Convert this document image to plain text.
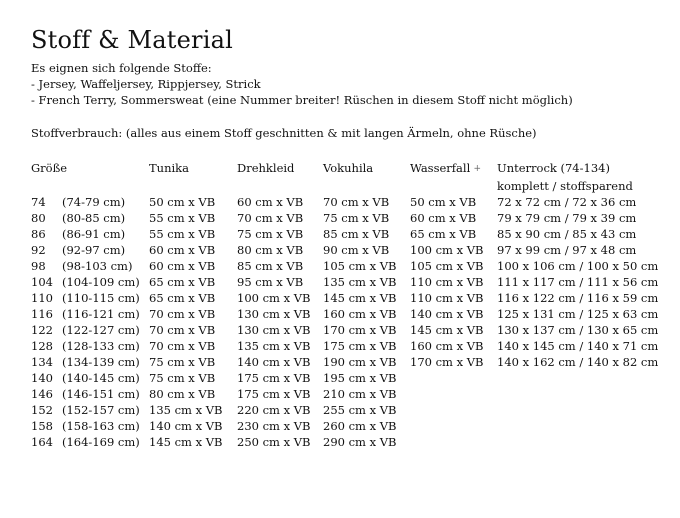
Stoff & Material
Es eignen sich folgende Stoffe:
- Jersey, Waffeljersey, Rippjersey, Strick
- French Terry, Sommersweat (eine Nummer breiter! Rüschen in diesem Stoff nicht möglich)
Stoffverbrauch: (alles aus einem Stoff geschnitten & mit langen Ärmeln, ohne Rüsche)
Größe		Tunika	Drehkleid	Vokuhila	Wasserfall +	Unterrock (74-134)
						komplett / stoffsparend
74	(74-79 cm)	50 cm x VB	60 cm x VB	70 cm x VB	50 cm x VB	72 x 72 cm / 72 x 36 cm
80	(80-85 cm)	55 cm x VB	70 cm x VB	75 cm x VB	60 cm x VB	79 x 79 cm / 79 x 39 cm
86	(86-91 cm)	55 cm x VB	75 cm x VB	85 cm x VB	65 cm x VB	85 x 90 cm / 85 x 43 cm
92	(92-97 cm)	60 cm x VB	80 cm x VB	90 cm x VB	100 cm x VB	97 x 99 cm / 97 x 48 cm
98	(98-103 cm)	60 cm x VB	85 cm x VB	105 cm x VB	105 cm x VB	100 x 106 cm / 100 x 50 cm
104	(104-109 cm)	65 cm x VB	95 cm x VB	135 cm x VB	110 cm x VB	111 x 117 cm / 111 x 56 cm
110	(110-115 cm)	65 cm x VB	100 cm x VB	145 cm x VB	110 cm x VB	116 x 122 cm / 116 x 59 cm
116	(116-121 cm)	70 cm x VB	130 cm x VB	160 cm x VB	140 cm x VB	125 x 131 cm / 125 x 63 cm
122	(122-127 cm)	70 cm x VB	130 cm x VB	170 cm x VB	145 cm x VB	130 x 137 cm / 130 x 65 cm
128	(128-133 cm)	70 cm x VB	135 cm x VB	175 cm x VB	160 cm x VB	140 x 145 cm / 140 x 71 cm
134	(134-139 cm)	75 cm x VB	140 cm x VB	190 cm x VB	170 cm x VB	140 x 162 cm / 140 x 82 cm
140	(140-145 cm)	75 cm x VB	175 cm x VB	195 cm x VB		
146	(146-151 cm)	80 cm x VB	175 cm x VB	210 cm x VB		
152	(152-157 cm)	135 cm x VB	220 cm x VB	255 cm x VB		
158	(158-163 cm)	140 cm x VB	230 cm x VB	260 cm x VB		
164	(164-169 cm)	145 cm x VB	250 cm x VB	290 cm x VB		
